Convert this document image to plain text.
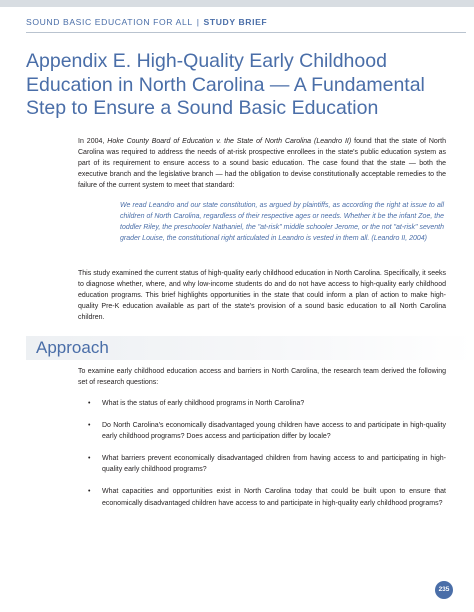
SOUND BASIC EDUCATION FOR ALL | STUDY BRIEF
Appendix E. High-Quality Early Childhood Education in North Carolina — A Fundamental Step to Ensure a Sound Basic Education

In 2004, Hoke County Board of Education v. the State of North Carolina (Leandro II) found that the state of North Carolina was required to address the needs of at-risk prospective enrollees in the state's public education system as part of its requirement to ensure access to a sound basic education. The case found that the state — both the executive branch and the legislative branch — had the obligation to devise constitutionally acceptable remedies to the failure of the current system to meet that standard:

We read Leandro and our state constitution, as argued by plaintiffs, as according the right at issue to all children of North Carolina, regardless of their respective ages or needs. Whether it be the infant Zoe, the toddler Riley, the preschooler Nathaniel, the "at-risk" middle schooler Jerome, or the not "at-risk" seventh grader Louise, the constitutional right articulated in Leandro is vested in them all. (Leandro II, 2004)

This study examined the current status of high-quality early childhood education in North Carolina. Specifically, it seeks to diagnose whether, where, and why low-income students do and do not have access to high-quality early childhood education programs. This brief highlights opportunities in the state that could inform a plan of action to make high-quality Pre-K education available as part of the state's provision of a sound basic education to all North Carolina children.

Approach

To examine early childhood education access and barriers in North Carolina, the research team derived the following set of research questions:

• What is the status of early childhood programs in North Carolina?
• Do North Carolina's economically disadvantaged young children have access to and participate in high-quality early childhood programs? Does access and participation differ by locale?
• What barriers prevent economically disadvantaged children from having access to and participating in high-quality early childhood programs?
• What capacities and opportunities exist in North Carolina today that could be built upon to ensure that economically disadvantaged children have access to and participate in high-quality early childhood programs?
235
